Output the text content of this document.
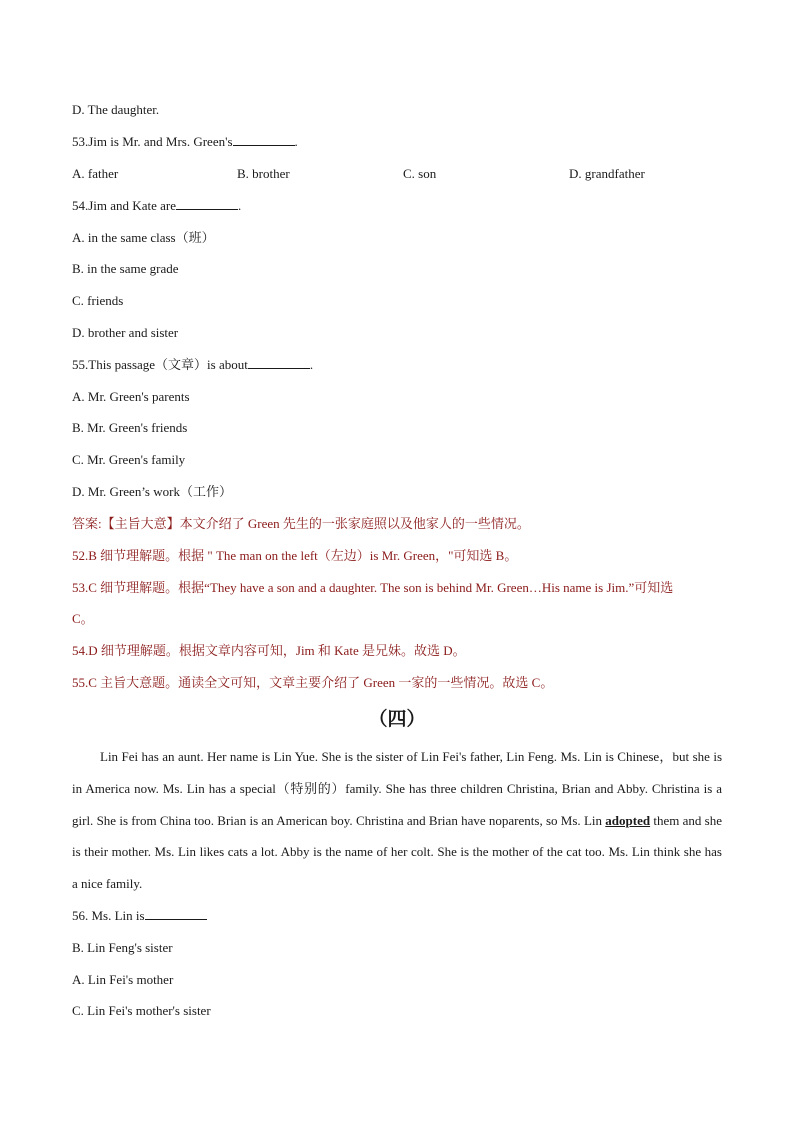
D. The daughter.
53.Jim is Mr. and Mrs. Green's	.
A. father	B. brother	C. son	D. grandfather
54.Jim and Kate are	.
A. in the same class（班）
B. in the same grade
C. friends
D. brother and sister
55.This passage（文章）is about	.
A. Mr. Green's parents
B. Mr. Green's friends
C. Mr. Green's family
D. Mr. Green’s work（工作）
答案:【主旨大意】本文介绍了 Green 先生的一张家庭照以及他家人的一些情况。
52.B 细节理解题。根据 " The man on the left（左边）is Mr. Green，"可知选 B。
53.C 细节理解题。根据“They have a son and a daughter. The son is behind Mr. Green…His name is Jim.”可知选
C。
54.D 细节理解题。根据文章内容可知，Jim 和 Kate 是兄妹。故选 D。
55.C 主旨大意题。通读全文可知，文章主要介绍了 Green 一家的一些情况。故选 C。
（四）

Lin Fei has an aunt. Her name is Lin Yue. She is the sister of Lin Fei's father, Lin Feng. Ms. Lin is Chinese，but she is in America now. Ms. Lin has a special（特别的）family. She has three children Christina, Brian and Abby. Christina is a girl. She is from China too. Brian is an American boy. Christina and Brian have noparents, so Ms. Lin adopted them and she is their mother. Ms. Lin likes cats a lot. Abby is the name of her colt. She is the mother of the cat too. Ms. Lin think she has a nice family.

56. Ms. Lin is
B. Lin Feng's sister
A. Lin Fei's mother
C. Lin Fei's mother's sister
